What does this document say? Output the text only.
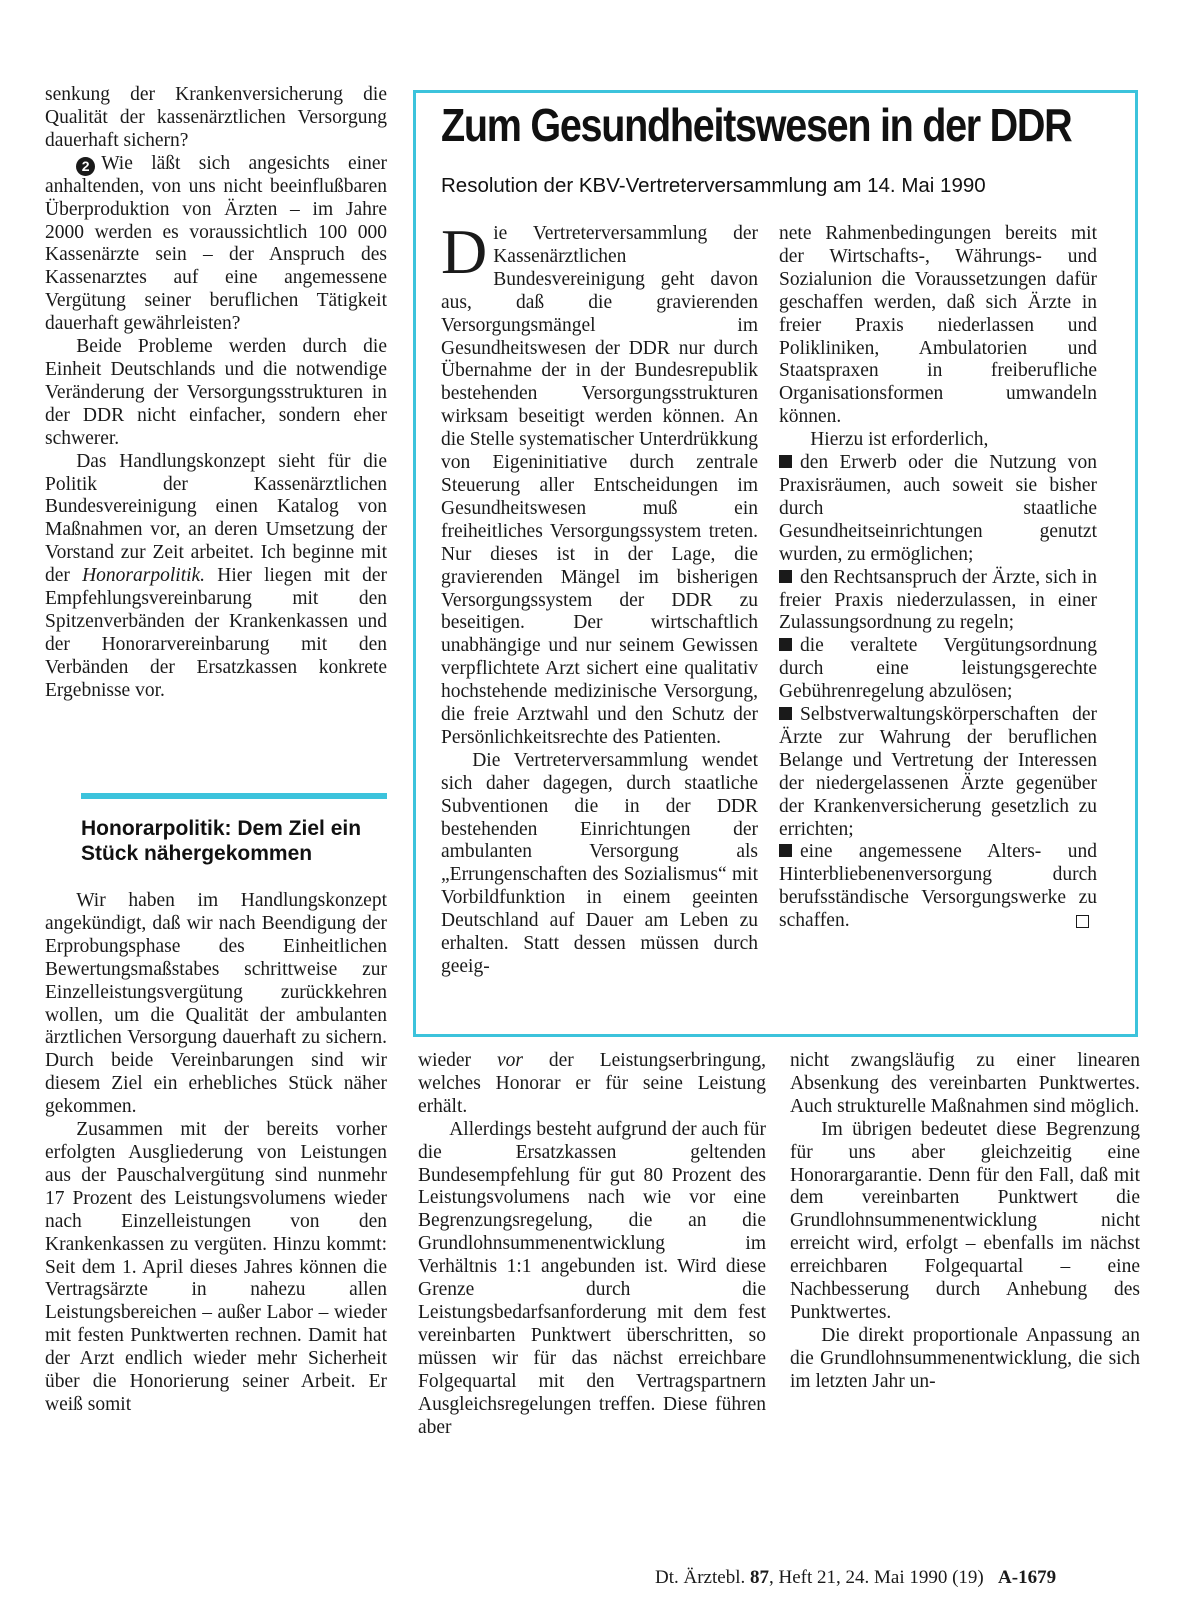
senkung der Krankenversicherung die Qualität der kassenärztlichen Versorgung dauerhaft sichern?

2 Wie läßt sich angesichts einer anhaltenden, von uns nicht beeinflußbaren Überproduktion von Ärzten – im Jahre 2000 werden es voraussichtlich 100 000 Kassenärzte sein – der Anspruch des Kassenarztes auf eine angemessene Vergütung seiner beruflichen Tätigkeit dauerhaft gewährleisten?

Beide Probleme werden durch die Einheit Deutschlands und die notwendige Veränderung der Versorgungsstrukturen in der DDR nicht einfacher, sondern eher schwerer.

Das Handlungskonzept sieht für die Politik der Kassenärztlichen Bundesvereinigung einen Katalog von Maßnahmen vor, an deren Umsetzung der Vorstand zur Zeit arbeitet. Ich beginne mit der Honorarpolitik. Hier liegen mit der Empfehlungsvereinbarung mit den Spitzenverbänden der Krankenkassen und der Honorarvereinbarung mit den Verbänden der Ersatzkassen konkrete Ergebnisse vor.

Honorarpolitik: Dem Ziel ein Stück nähergekommen

Wir haben im Handlungskonzept angekündigt, daß wir nach Beendigung der Erprobungsphase des Einheitlichen Bewertungsmaßstabes schrittweise zur Einzelleistungsvergütung zurückkehren wollen, um die Qualität der ambulanten ärztlichen Versorgung dauerhaft zu sichern. Durch beide Vereinbarungen sind wir diesem Ziel ein erhebliches Stück näher gekommen.

Zusammen mit der bereits vorher erfolgten Ausgliederung von Leistungen aus der Pauschalvergütung sind nunmehr 17 Prozent des Leistungsvolumens wieder nach Einzelleistungen von den Krankenkassen zu vergüten. Hinzu kommt: Seit dem 1. April dieses Jahres können die Vertragsärzte in nahezu allen Leistungsbereichen – außer Labor – wieder mit festen Punktwerten rechnen. Damit hat der Arzt endlich wieder mehr Sicherheit über die Honorierung seiner Arbeit. Er weiß somit

Zum Gesundheitswesen in der DDR
Resolution der KBV-Vertreterversammlung am 14. Mai 1990

Die Vertreterversammlung der Kassenärztlichen Bundesvereinigung geht davon aus, daß die gravierenden Versorgungsmängel im Gesundheitswesen der DDR nur durch Übernahme der in der Bundesrepublik bestehenden Versorgungsstrukturen wirksam beseitigt werden können. An die Stelle systematischer Unterdrükkung von Eigeninitiative durch zentrale Steuerung aller Entscheidungen im Gesundheitswesen muß ein freiheitliches Versorgungssystem treten. Nur dieses ist in der Lage, die gravierenden Mängel im bisherigen Versorgungssystem der DDR zu beseitigen. Der wirtschaftlich unabhängige und nur seinem Gewissen verpflichtete Arzt sichert eine qualitativ hochstehende medizinische Versorgung, die freie Arztwahl und den Schutz der Persönlichkeitsrechte des Patienten.

Die Vertreterversammlung wendet sich daher dagegen, durch staatliche Subventionen die in der DDR bestehenden Einrichtungen der ambulanten Versorgung als „Errungenschaften des Sozialismus“ mit Vorbildfunktion in einem geeinten Deutschland auf Dauer am Leben zu erhalten. Statt dessen müssen durch geeig-

nete Rahmenbedingungen bereits mit der Wirtschafts-, Währungs- und Sozialunion die Voraussetzungen dafür geschaffen werden, daß sich Ärzte in freier Praxis niederlassen und Polikliniken, Ambulatorien und Staatspraxen in freiberufliche Organisationsformen umwandeln können.

Hierzu ist erforderlich,

den Erwerb oder die Nutzung von Praxisräumen, auch soweit sie bisher durch staatliche Gesundheitseinrichtungen genutzt wurden, zu ermöglichen;

den Rechtsanspruch der Ärzte, sich in freier Praxis niederzulassen, in einer Zulassungsordnung zu regeln;

die veraltete Vergütungsordnung durch eine leistungsgerechte Gebührenregelung abzulösen;

Selbstverwaltungskörperschaften der Ärzte zur Wahrung der beruflichen Belange und Vertretung der Interessen der niedergelassenen Ärzte gegenüber der Krankenversicherung gesetzlich zu errichten;

eine angemessene Alters- und Hinterbliebenenversorgung durch berufsständische Versorgungswerke zu schaffen.

wieder vor der Leistungserbringung, welches Honorar er für seine Leistung erhält.

Allerdings besteht aufgrund der auch für die Ersatzkassen geltenden Bundesempfehlung für gut 80 Prozent des Leistungsvolumens nach wie vor eine Begrenzungsregelung, die an die Grundlohnsummenentwicklung im Verhältnis 1:1 angebunden ist. Wird diese Grenze durch die Leistungsbedarfsanforderung mit dem fest vereinbarten Punktwert überschritten, so müssen wir für das nächst erreichbare Folgequartal mit den Vertragspartnern Ausgleichsregelungen treffen. Diese führen aber

nicht zwangsläufig zu einer linearen Absenkung des vereinbarten Punktwertes. Auch strukturelle Maßnahmen sind möglich.

Im übrigen bedeutet diese Begrenzung für uns aber gleichzeitig eine Honorargarantie. Denn für den Fall, daß mit dem vereinbarten Punktwert die Grundlohnsummenentwicklung nicht erreicht wird, erfolgt – ebenfalls im nächst erreichbaren Folgequartal – eine Nachbesserung durch Anhebung des Punktwertes.

Die direkt proportionale Anpassung an die Grundlohnsummenentwicklung, die sich im letzten Jahr un-

Dt. Ärztebl. 87, Heft 21, 24. Mai 1990 (19) A-1679
